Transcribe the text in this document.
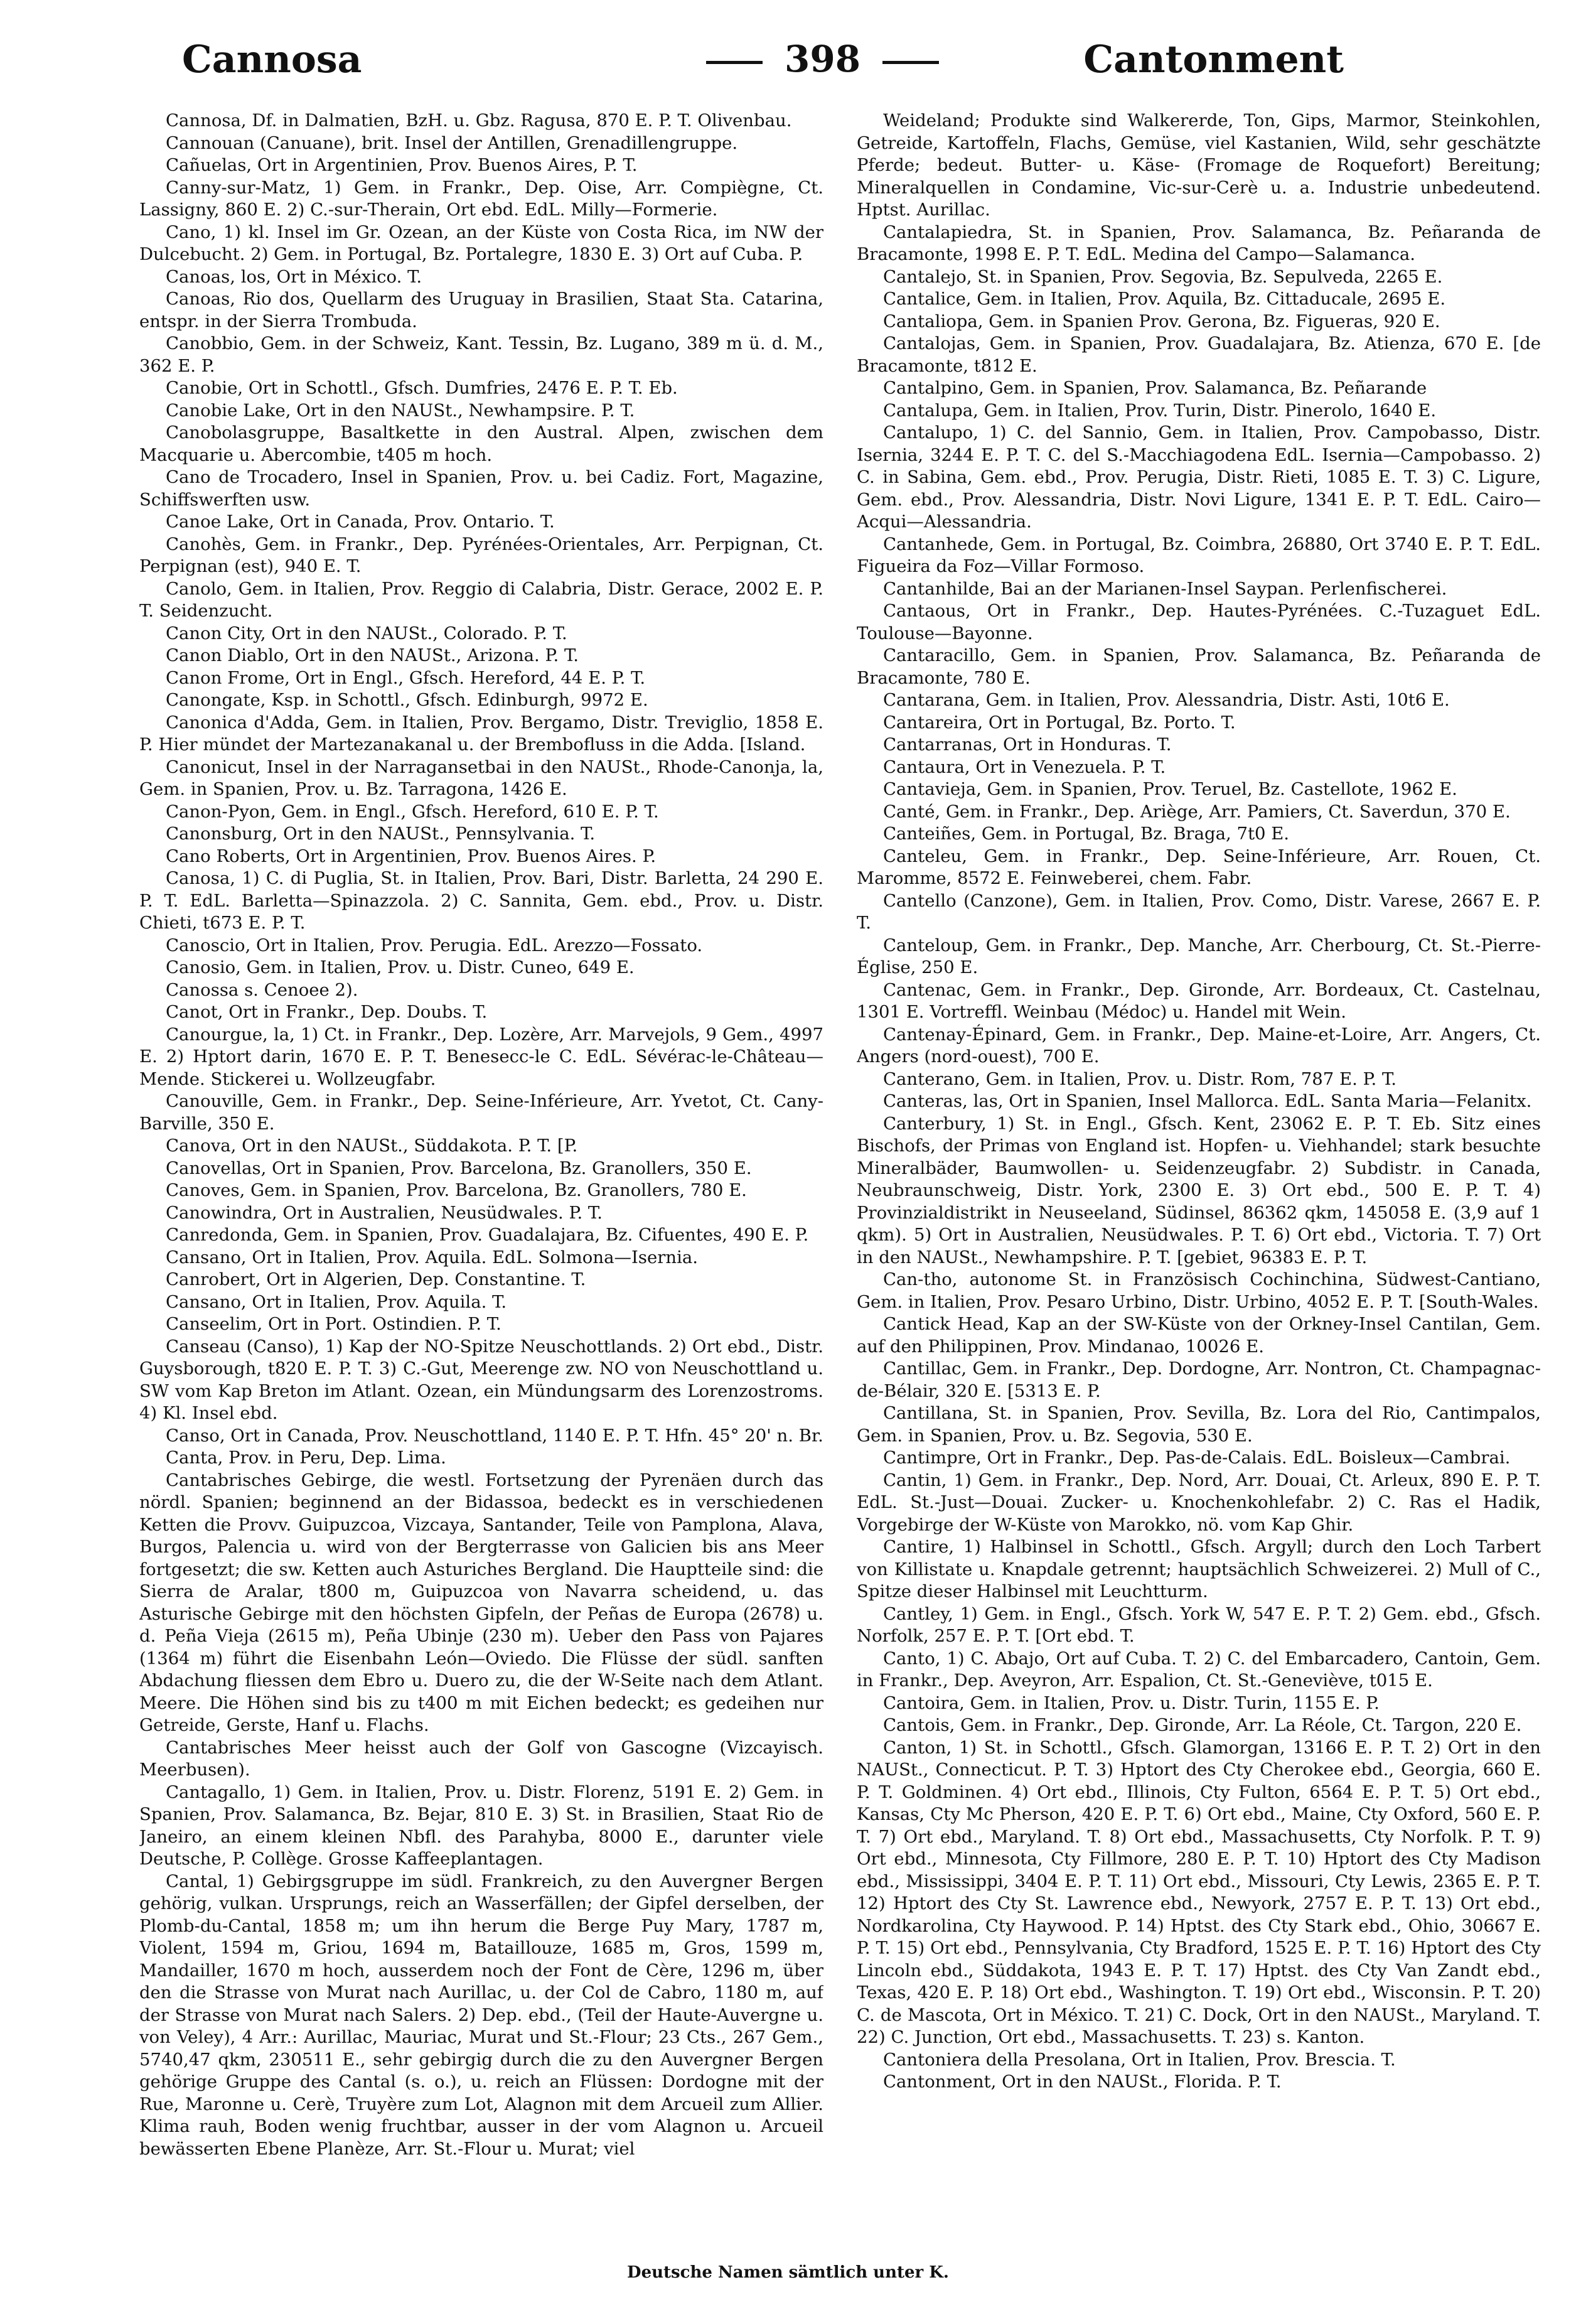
Cannosa	398	Cantonment

Cannosa, Df. in Dalmatien, BzH. u. Gbz. Ragusa, 870 E. P. T. Olivenbau.

Cannouan (Canuane), brit. Insel der Antillen, Grenadillengruppe.

Cañuelas, Ort in Argentinien, Prov. Buenos Aires, P. T.

Canny-sur-Matz, 1) Gem. in Frankr., Dep. Oise, Arr. Compiègne, Ct. Lassigny, 860 E. 2) C.-sur-Therain, Ort ebd. EdL. Milly—Formerie.

Cano, 1) kl. Insel im Gr. Ozean, an der Küste von Costa Rica, im NW der Dulcebucht. 2) Gem. in Portugal, Bz. Portalegre, 1830 E. 3) Ort auf Cuba. P.

Canoas, los, Ort in México. T.

Canoas, Rio dos, Quellarm des Uruguay in Brasilien, Staat Sta. Catarina, entspr. in der Sierra Trombuda.

Canobbio, Gem. in der Schweiz, Kant. Tessin, Bz. Lugano, 389 m ü. d. M., 362 E. P.

Canobie, Ort in Schottl., Gfsch. Dumfries, 2476 E. P. T. Eb.

Canobie Lake, Ort in den NAUSt., Newhampsire. P. T.

Canobolasgruppe, Basaltkette in den Austral. Alpen, zwischen dem Macquarie u. Abercombie, t405 m hoch.

Cano de Trocadero, Insel in Spanien, Prov. u. bei Cadiz. Fort, Magazine, Schiffswerften usw.

Canoe Lake, Ort in Canada, Prov. Ontario. T.

Canohès, Gem. in Frankr., Dep. Pyrénées-Orientales, Arr. Perpignan, Ct. Perpignan (est), 940 E. T.

Canolo, Gem. in Italien, Prov. Reggio di Calabria, Distr. Gerace, 2002 E. P. T. Seidenzucht.

Canon City, Ort in den NAUSt., Colorado. P. T.

Canon Diablo, Ort in den NAUSt., Arizona. P. T.

Canon Frome, Ort in Engl., Gfsch. Hereford, 44 E. P. T.

Canongate, Ksp. in Schottl., Gfsch. Edinburgh, 9972 E.

Canonica d'Adda, Gem. in Italien, Prov. Bergamo, Distr. Treviglio, 1858 E. P. Hier mündet der Martezanakanal u. der Brembofluss in die Adda. [Island.

Canonicut, Insel in der Narragansetbai in den NAUSt., Rhode-Canonja, la, Gem. in Spanien, Prov. u. Bz. Tarragona, 1426 E.

Canon-Pyon, Gem. in Engl., Gfsch. Hereford, 610 E. P. T.

Canonsburg, Ort in den NAUSt., Pennsylvania. T.

Cano Roberts, Ort in Argentinien, Prov. Buenos Aires. P.

Canosa, 1) C. di Puglia, St. in Italien, Prov. Bari, Distr. Barletta, 24 290 E. P. T. EdL. Barletta—Spinazzola. 2) C. Sannita, Gem. ebd., Prov. u. Distr. Chieti, t673 E. P. T.

Canoscio, Ort in Italien, Prov. Perugia. EdL. Arezzo—Fossato.

Canosio, Gem. in Italien, Prov. u. Distr. Cuneo, 649 E.

Canossa s. Cenoee 2).

Canot, Ort in Frankr., Dep. Doubs. T.

Canourgue, la, 1) Ct. in Frankr., Dep. Lozère, Arr. Marvejols, 9 Gem., 4997 E. 2) Hptort darin, 1670 E. P. T. Benesecc-le C. EdL. Sévérac-le-Château—Mende. Stickerei u. Wollzeugfabr.

Canouville, Gem. in Frankr., Dep. Seine-Inférieure, Arr. Yvetot, Ct. Cany-Barville, 350 E.

Canova, Ort in den NAUSt., Süddakota. P. T. [P.

Canovellas, Ort in Spanien, Prov. Barcelona, Bz. Granollers, 350 E.

Canoves, Gem. in Spanien, Prov. Barcelona, Bz. Granollers, 780 E.

Canowindra, Ort in Australien, Neusüdwales. P. T.

Canredonda, Gem. in Spanien, Prov. Guadalajara, Bz. Cifuentes, 490 E. P.

Cansano, Ort in Italien, Prov. Aquila. EdL. Solmona—Isernia.

Canrobert, Ort in Algerien, Dep. Constantine. T.

Cansano, Ort in Italien, Prov. Aquila. T.

Canseelim, Ort in Port. Ostindien. P. T.

Canseau (Canso), 1) Kap der NO-Spitze Neuschottlands. 2) Ort ebd., Distr. Guysborough, t820 E. P. T. 3) C.-Gut, Meerenge zw. NO von Neuschottland u. SW vom Kap Breton im Atlant. Ozean, ein Mündungsarm des Lorenzostroms. 4) Kl. Insel ebd.

Canso, Ort in Canada, Prov. Neuschottland, 1140 E. P. T. Hfn. 45° 20' n. Br.

Canta, Prov. in Peru, Dep. Lima.

Cantabrisches Gebirge, die westl. Fortsetzung der Pyrenäen durch das nördl. Spanien; beginnend an der Bidassoa, bedeckt es in verschiedenen Ketten die Provv. Guipuzcoa, Vizcaya, Santander, Teile von Pamplona, Alava, Burgos, Palencia u. wird von der Bergterrasse von Galicien bis ans Meer fortgesetzt; die sw. Ketten auch Asturiches Bergland. Die Hauptteile sind: die Sierra de Aralar, t800 m, Guipuzcoa von Navarra scheidend, u. das Asturische Gebirge mit den höchsten Gipfeln, der Peñas de Europa (2678) u. d. Peña Vieja (2615 m), Peña Ubinje (230 m). Ueber den Pass von Pajares (1364 m) führt die Eisenbahn León—Oviedo. Die Flüsse der südl. sanften Abdachung fliessen dem Ebro u. Duero zu, die der W-Seite nach dem Atlant. Meere. Die Höhen sind bis zu t400 m mit Eichen bedeckt; es gedeihen nur Getreide, Gerste, Hanf u. Flachs.

Cantabrisches Meer heisst auch der Golf von Gascogne (Vizcayisch. Meerbusen).

Cantagallo, 1) Gem. in Italien, Prov. u. Distr. Florenz, 5191 E. 2) Gem. in Spanien, Prov. Salamanca, Bz. Bejar, 810 E. 3) St. in Brasilien, Staat Rio de Janeiro, an einem kleinen Nbfl. des Parahyba, 8000 E., darunter viele Deutsche, P. Collège. Grosse Kaffeeplantagen.

Cantal, 1) Gebirgsgruppe im südl. Frankreich, zu den Auvergner Bergen gehörig, vulkan. Ursprungs, reich an Wasserfällen; der Gipfel derselben, der Plomb-du-Cantal, 1858 m; um ihn herum die Berge Puy Mary, 1787 m, Violent, 1594 m, Griou, 1694 m, Bataillouze, 1685 m, Gros, 1599 m, Mandailler, 1670 m hoch, ausserdem noch der Font de Cère, 1296 m, über den die Strasse von Murat nach Aurillac, u. der Col de Cabro, 1180 m, auf der Strasse von Murat nach Salers. 2) Dep. ebd., (Teil der Haute-Auvergne u. von Veley), 4 Arr.: Aurillac, Mauriac, Murat und St.-Flour; 23 Cts., 267 Gem., 5740,47 qkm, 230511 E., sehr gebirgig durch die zu den Auvergner Bergen gehörige Gruppe des Cantal (s. o.), u. reich an Flüssen: Dordogne mit der Rue, Maronne u. Cerè, Truyère zum Lot, Alagnon mit dem Arcueil zum Allier. Klima rauh, Boden wenig fruchtbar, ausser in der vom Alagnon u. Arcueil bewässerten Ebene Planèze, Arr. St.-Flour u. Murat; viel

Weideland; Produkte sind Walkererde, Ton, Gips, Marmor, Steinkohlen, Getreide, Kartoffeln, Flachs, Gemüse, viel Kastanien, Wild, sehr geschätzte Pferde; bedeut. Butter- u. Käse- (Fromage de Roquefort) Bereitung; Mineralquellen in Condamine, Vic-sur-Cerè u. a. Industrie unbedeutend. Hptst. Aurillac.

Cantalapiedra, St. in Spanien, Prov. Salamanca, Bz. Peñaranda de Bracamonte, 1998 E. P. T. EdL. Medina del Campo—Salamanca.

Cantalejo, St. in Spanien, Prov. Segovia, Bz. Sepulveda, 2265 E.

Cantalice, Gem. in Italien, Prov. Aquila, Bz. Cittaducale, 2695 E.

Cantaliopa, Gem. in Spanien Prov. Gerona, Bz. Figueras, 920 E.

Cantalojas, Gem. in Spanien, Prov. Guadalajara, Bz. Atienza, 670 E. [de Bracamonte, t812 E.

Cantalpino, Gem. in Spanien, Prov. Salamanca, Bz. Peñarande

Cantalupa, Gem. in Italien, Prov. Turin, Distr. Pinerolo, 1640 E.

Cantalupo, 1) C. del Sannio, Gem. in Italien, Prov. Campobasso, Distr. Isernia, 3244 E. P. T. C. del S.-Macchiagodena EdL. Isernia—Campobasso. 2) C. in Sabina, Gem. ebd., Prov. Perugia, Distr. Rieti, 1085 E. T. 3) C. Ligure, Gem. ebd., Prov. Alessandria, Distr. Novi Ligure, 1341 E. P. T. EdL. Cairo—Acqui—Alessandria.

Cantanhede, Gem. in Portugal, Bz. Coimbra, 26880, Ort 3740 E. P. T. EdL. Figueira da Foz—Villar Formoso.

Cantanhilde, Bai an der Marianen-Insel Saypan. Perlenfischerei.

Cantaous, Ort in Frankr., Dep. Hautes-Pyrénées. C.-Tuzaguet EdL. Toulouse—Bayonne.

Cantaracillo, Gem. in Spanien, Prov. Salamanca, Bz. Peñaranda de Bracamonte, 780 E.

Cantarana, Gem. in Italien, Prov. Alessandria, Distr. Asti, 10t6 E.

Cantareira, Ort in Portugal, Bz. Porto. T.

Cantarranas, Ort in Honduras. T.

Cantaura, Ort in Venezuela. P. T.

Cantavieja, Gem. in Spanien, Prov. Teruel, Bz. Castellote, 1962 E.

Canté, Gem. in Frankr., Dep. Ariège, Arr. Pamiers, Ct. Saverdun, 370 E.

Canteiñes, Gem. in Portugal, Bz. Braga, 7t0 E.

Canteleu, Gem. in Frankr., Dep. Seine-Inférieure, Arr. Rouen, Ct. Maromme, 8572 E. Feinweberei, chem. Fabr.

Cantello (Canzone), Gem. in Italien, Prov. Como, Distr. Varese, 2667 E. P. T.

Canteloup, Gem. in Frankr., Dep. Manche, Arr. Cherbourg, Ct. St.-Pierre-Église, 250 E.

Cantenac, Gem. in Frankr., Dep. Gironde, Arr. Bordeaux, Ct. Castelnau, 1301 E. Vortreffl. Weinbau (Médoc) u. Handel mit Wein.

Cantenay-Épinard, Gem. in Frankr., Dep. Maine-et-Loire, Arr. Angers, Ct. Angers (nord-ouest), 700 E.

Canterano, Gem. in Italien, Prov. u. Distr. Rom, 787 E. P. T.

Canteras, las, Ort in Spanien, Insel Mallorca. EdL. Santa Maria—Felanitx.

Canterbury, 1) St. in Engl., Gfsch. Kent, 23062 E. P. T. Eb. Sitz eines Bischofs, der Primas von England ist. Hopfen- u. Viehhandel; stark besuchte Mineralbäder, Baumwollen- u. Seidenzeugfabr. 2) Subdistr. in Canada, Neubraunschweig, Distr. York, 2300 E. 3) Ort ebd., 500 E. P. T. 4) Provinzialdistrikt in Neuseeland, Südinsel, 86362 qkm, 145058 E. (3,9 auf 1 qkm). 5) Ort in Australien, Neusüdwales. P. T. 6) Ort ebd., Victoria. T. 7) Ort in den NAUSt., Newhampshire. P. T. [gebiet, 96383 E. P. T.

Can-tho, autonome St. in Französisch Cochinchina, Südwest-Cantiano, Gem. in Italien, Prov. Pesaro Urbino, Distr. Urbino, 4052 E. P. T. [South-Wales.

Cantick Head, Kap an der SW-Küste von der Orkney-Insel Cantilan, Gem. auf den Philippinen, Prov. Mindanao, 10026 E.

Cantillac, Gem. in Frankr., Dep. Dordogne, Arr. Nontron, Ct. Champagnac-de-Bélair, 320 E. [5313 E. P.

Cantillana, St. in Spanien, Prov. Sevilla, Bz. Lora del Rio, Cantimpalos, Gem. in Spanien, Prov. u. Bz. Segovia, 530 E.

Cantimpre, Ort in Frankr., Dep. Pas-de-Calais. EdL. Boisleux—Cambrai.

Cantin, 1) Gem. in Frankr., Dep. Nord, Arr. Douai, Ct. Arleux, 890 E. P. T. EdL. St.-Just—Douai. Zucker- u. Knochenkohlefabr. 2) C. Ras el Hadik, Vorgebirge der W-Küste von Marokko, nö. vom Kap Ghir.

Cantire, 1) Halbinsel in Schottl., Gfsch. Argyll; durch den Loch Tarbert von Killistate u. Knapdale getrennt; hauptsächlich Schweizerei. 2) Mull of C., Spitze dieser Halbinsel mit Leuchtturm.

Cantley, 1) Gem. in Engl., Gfsch. York W, 547 E. P. T. 2) Gem. ebd., Gfsch. Norfolk, 257 E. P. T. [Ort ebd. T.

Canto, 1) C. Abajo, Ort auf Cuba. T. 2) C. del Embarcadero, Cantoin, Gem. in Frankr., Dep. Aveyron, Arr. Espalion, Ct. St.-Geneviève, t015 E.

Cantoira, Gem. in Italien, Prov. u. Distr. Turin, 1155 E. P.

Cantois, Gem. in Frankr., Dep. Gironde, Arr. La Réole, Ct. Targon, 220 E.

Canton, 1) St. in Schottl., Gfsch. Glamorgan, 13166 E. P. T. 2) Ort in den NAUSt., Connecticut. P. T. 3) Hptort des Cty Cherokee ebd., Georgia, 660 E. P. T. Goldminen. 4) Ort ebd., Illinois, Cty Fulton, 6564 E. P. T. 5) Ort ebd., Kansas, Cty Mc Pherson, 420 E. P. T. 6) Ort ebd., Maine, Cty Oxford, 560 E. P. T. 7) Ort ebd., Maryland. T. 8) Ort ebd., Massachusetts, Cty Norfolk. P. T. 9) Ort ebd., Minnesota, Cty Fillmore, 280 E. P. T. 10) Hptort des Cty Madison ebd., Mississippi, 3404 E. P. T. 11) Ort ebd., Missouri, Cty Lewis, 2365 E. P. T. 12) Hptort des Cty St. Lawrence ebd., Newyork, 2757 E. P. T. 13) Ort ebd., Nordkarolina, Cty Haywood. P. 14) Hptst. des Cty Stark ebd., Ohio, 30667 E. P. T. 15) Ort ebd., Pennsylvania, Cty Bradford, 1525 E. P. T. 16) Hptort des Cty Lincoln ebd., Süddakota, 1943 E. P. T. 17) Hptst. des Cty Van Zandt ebd., Texas, 420 E. P. 18) Ort ebd., Washington. T. 19) Ort ebd., Wisconsin. P. T. 20) C. de Mascota, Ort in México. T. 21) C. Dock, Ort in den NAUSt., Maryland. T. 22) C. Junction, Ort ebd., Massachusetts. T. 23) s. Kanton.

Cantoniera della Presolana, Ort in Italien, Prov. Brescia. T.

Cantonment, Ort in den NAUSt., Florida. P. T.

Deutsche Namen sämtlich unter K.
